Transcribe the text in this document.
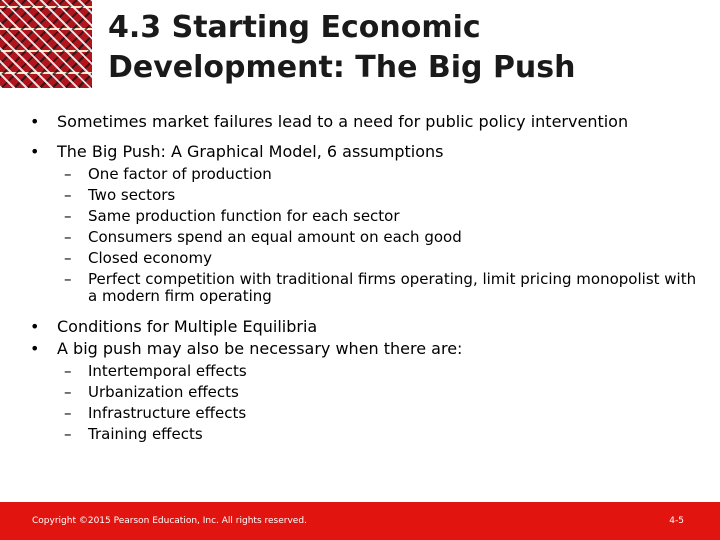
4.3 Starting Economic
Development: The Big Push
• Sometimes market failures lead to a need for public policy intervention
• The Big Push: A Graphical Model, 6 assumptions
– One factor of production
– Two sectors
– Same production function for each sector
– Consumers spend an equal amount on each good
– Closed economy
– Perfect competition with traditional firms operating, limit pricing monopolist with a modern firm operating
• Conditions for Multiple Equilibria
• A big push may also be necessary when there are:
– Intertemporal effects
– Urbanization effects
– Infrastructure effects
– Training effects
Copyright ©2015 Pearson Education, Inc. All rights reserved.	4-5
